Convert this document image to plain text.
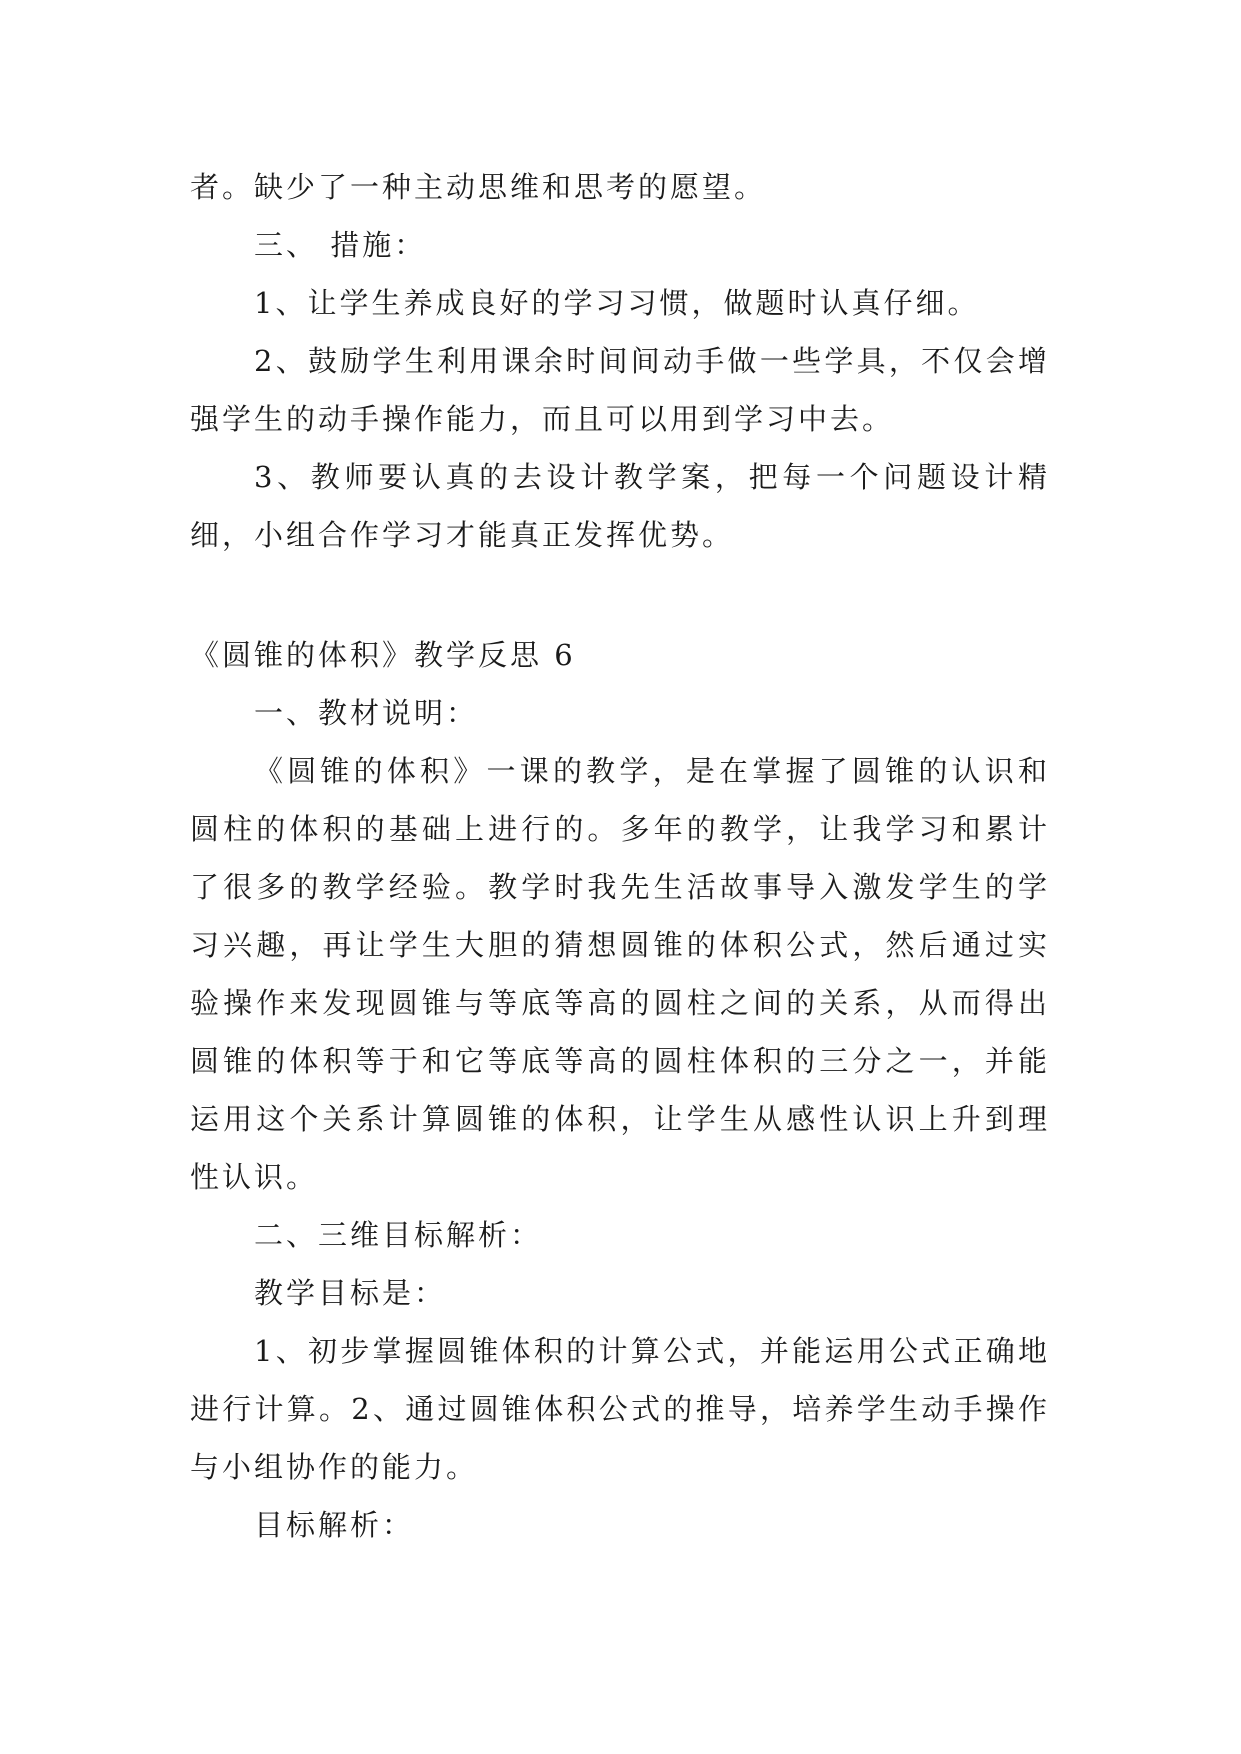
者。缺少了一种主动思维和思考的愿望。

三、 措施：

1、让学生养成良好的学习习惯，做题时认真仔细。

2、鼓励学生利用课余时间间动手做一些学具，不仅会增强学生的动手操作能力，而且可以用到学习中去。

3、教师要认真的去设计教学案，把每一个问题设计精细，小组合作学习才能真正发挥优势。

《圆锥的体积》教学反思 6

一、教材说明：

《圆锥的体积》一课的教学，是在掌握了圆锥的认识和圆柱的体积的基础上进行的。多年的教学，让我学习和累计了很多的教学经验。教学时我先生活故事导入激发学生的学习兴趣，再让学生大胆的猜想圆锥的体积公式，然后通过实验操作来发现圆锥与等底等高的圆柱之间的关系，从而得出圆锥的体积等于和它等底等高的圆柱体积的三分之一，并能运用这个关系计算圆锥的体积，让学生从感性认识上升到理性认识。

二、三维目标解析：

教学目标是：

1、初步掌握圆锥体积的计算公式，并能运用公式正确地进行计算。2、通过圆锥体积公式的推导，培养学生动手操作与小组协作的能力。

目标解析：
